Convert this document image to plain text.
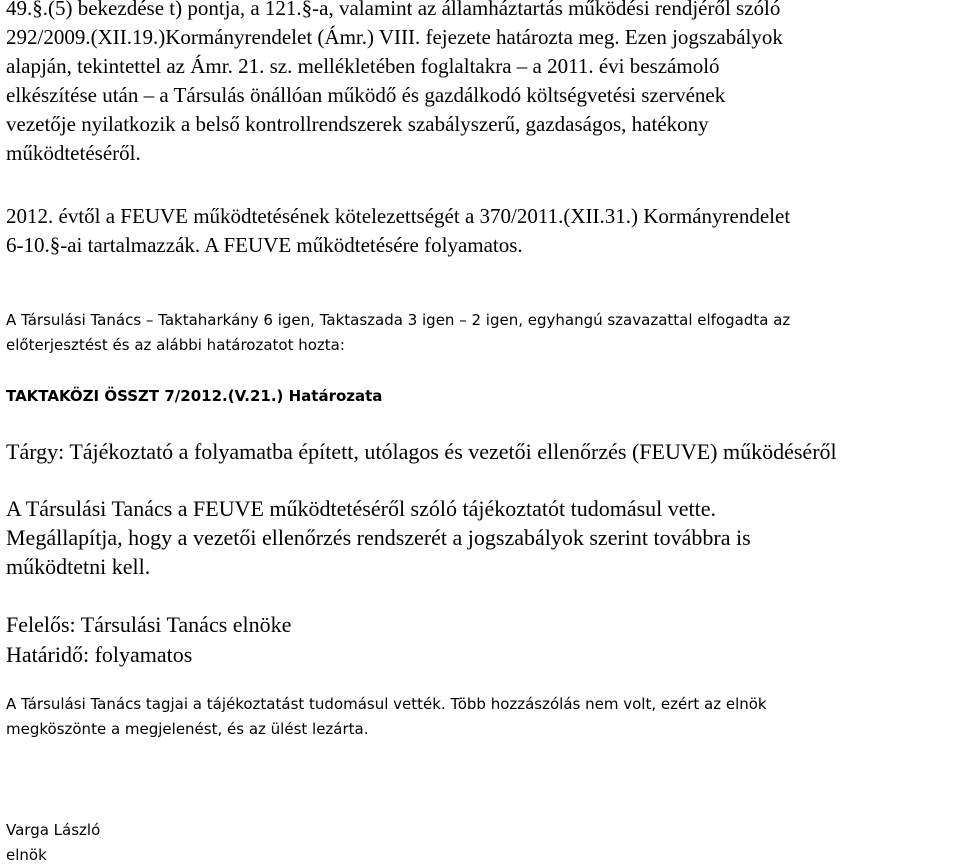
49.§.(5) bekezdése t) pontja, a 121.§-a, valamint az államháztartás működési rendjéről szóló
292/2009.(XII.19.)Kormányrendelet (Ámr.) VIII. fejezete határozta meg. Ezen jogszabályok
alapján, tekintettel az Ámr. 21. sz. mellékletében foglaltakra – a 2011. évi beszámoló
elkészítése után – a Társulás önállóan működő és gazdálkodó költségvetési szervének
vezetője nyilatkozik a belső kontrollrendszerek szabályszerű, gazdaságos, hatékony
működtetéséről.
2012. évtől a FEUVE működtetésének kötelezettségét a 370/2011.(XII.31.) Kormányrendelet
6-10.§-ai tartalmazzák. A FEUVE működtetésére folyamatos.
A Társulási Tanács – Taktaharkány 6 igen, Taktaszada 3 igen – 2 igen, egyhangú szavazattal elfogadta az
előterjesztést és az alábbi határozatot hozta:
TAKTAKÖZI ÖSSZT 7/2012.(V.21.) Határozata
Tárgy: Tájékoztató a folyamatba épített, utólagos és vezetői ellenőrzés (FEUVE) működéséről
A Társulási Tanács a FEUVE működtetéséről szóló tájékoztatót tudomásul vette.
Megállapítja, hogy a vezetői ellenőrzés rendszerét a jogszabályok szerint továbbra is
működtetni kell.
Felelős: Társulási Tanács elnöke
Határidő: folyamatos
A Társulási Tanács tagjai a tájékoztatást tudomásul vették. Több hozzászólás nem volt, ezért az elnök
megköszönte a megjelenést, és az ülést lezárta.
Varga László
elnök
